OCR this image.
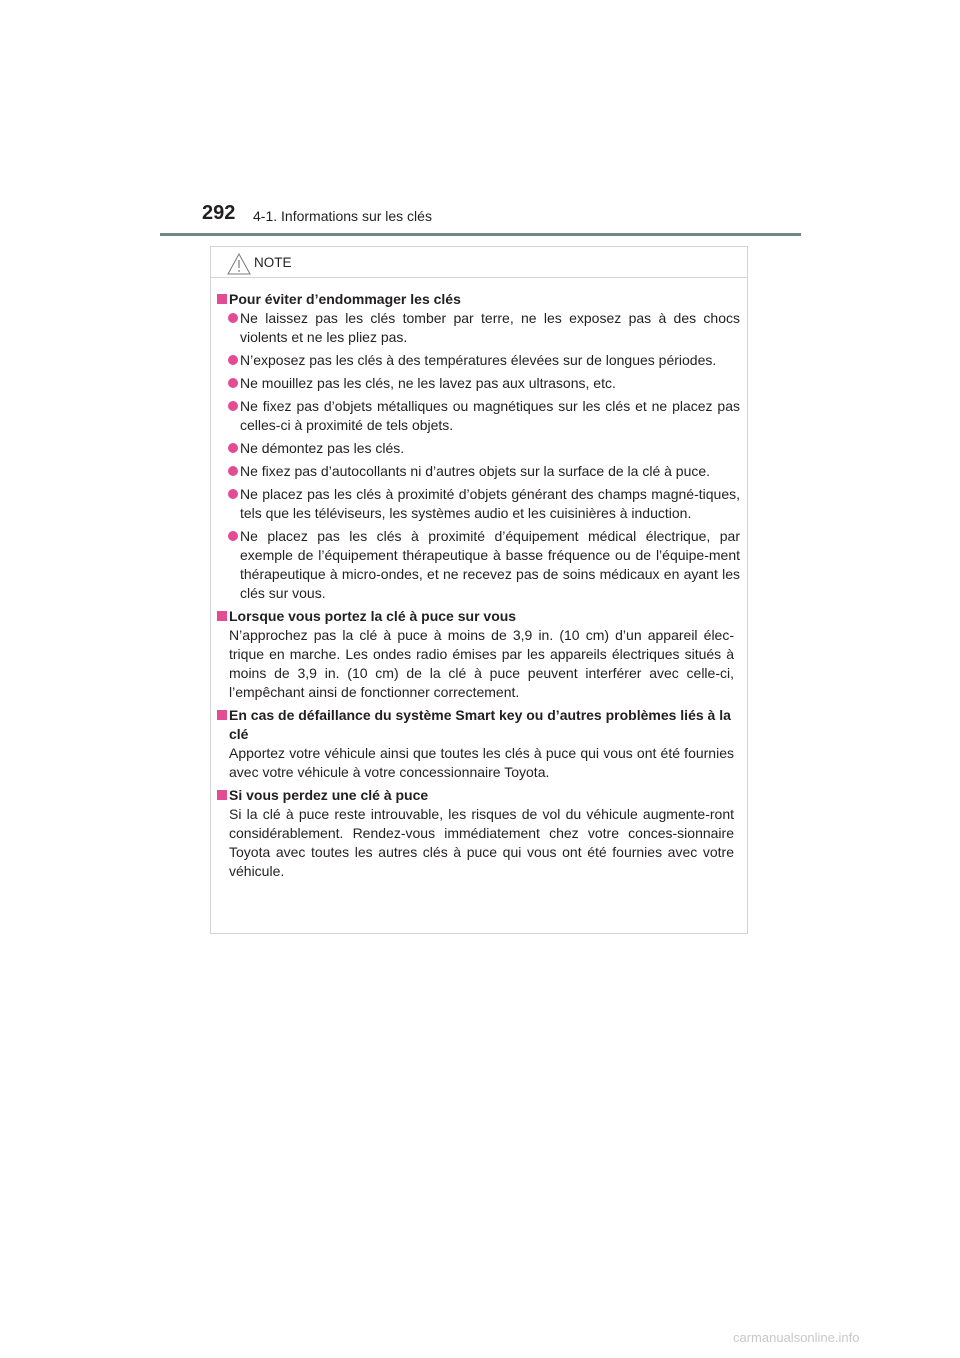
292 4-1. Informations sur les clés
NOTE
Pour éviter d’endommager les clés
Ne laissez pas les clés tomber par terre, ne les exposez pas à des chocs violents et ne les pliez pas.
N’exposez pas les clés à des températures élevées sur de longues périodes.
Ne mouillez pas les clés, ne les lavez pas aux ultrasons, etc.
Ne fixez pas d’objets métalliques ou magnétiques sur les clés et ne placez pas celles-ci à proximité de tels objets.
Ne démontez pas les clés.
Ne fixez pas d’autocollants ni d’autres objets sur la surface de la clé à puce.
Ne placez pas les clés à proximité d’objets générant des champs magné-tiques, tels que les téléviseurs, les systèmes audio et les cuisinières à induction.
Ne placez pas les clés à proximité d’équipement médical électrique, par exemple de l’équipement thérapeutique à basse fréquence ou de l’équipe-ment thérapeutique à micro-ondes, et ne recevez pas de soins médicaux en ayant les clés sur vous.
Lorsque vous portez la clé à puce sur vous
N’approchez pas la clé à puce à moins de 3,9 in. (10 cm) d’un appareil élec-trique en marche. Les ondes radio émises par les appareils électriques situés à moins de 3,9 in. (10 cm) de la clé à puce peuvent interférer avec celle-ci, l’empêchant ainsi de fonctionner correctement.
En cas de défaillance du système Smart key ou d’autres problèmes liés à la clé
Apportez votre véhicule ainsi que toutes les clés à puce qui vous ont été fournies avec votre véhicule à votre concessionnaire Toyota.
Si vous perdez une clé à puce
Si la clé à puce reste introuvable, les risques de vol du véhicule augmente-ront considérablement. Rendez-vous immédiatement chez votre conces-sionnaire Toyota avec toutes les autres clés à puce qui vous ont été fournies avec votre véhicule.
carmanualsonline.info
